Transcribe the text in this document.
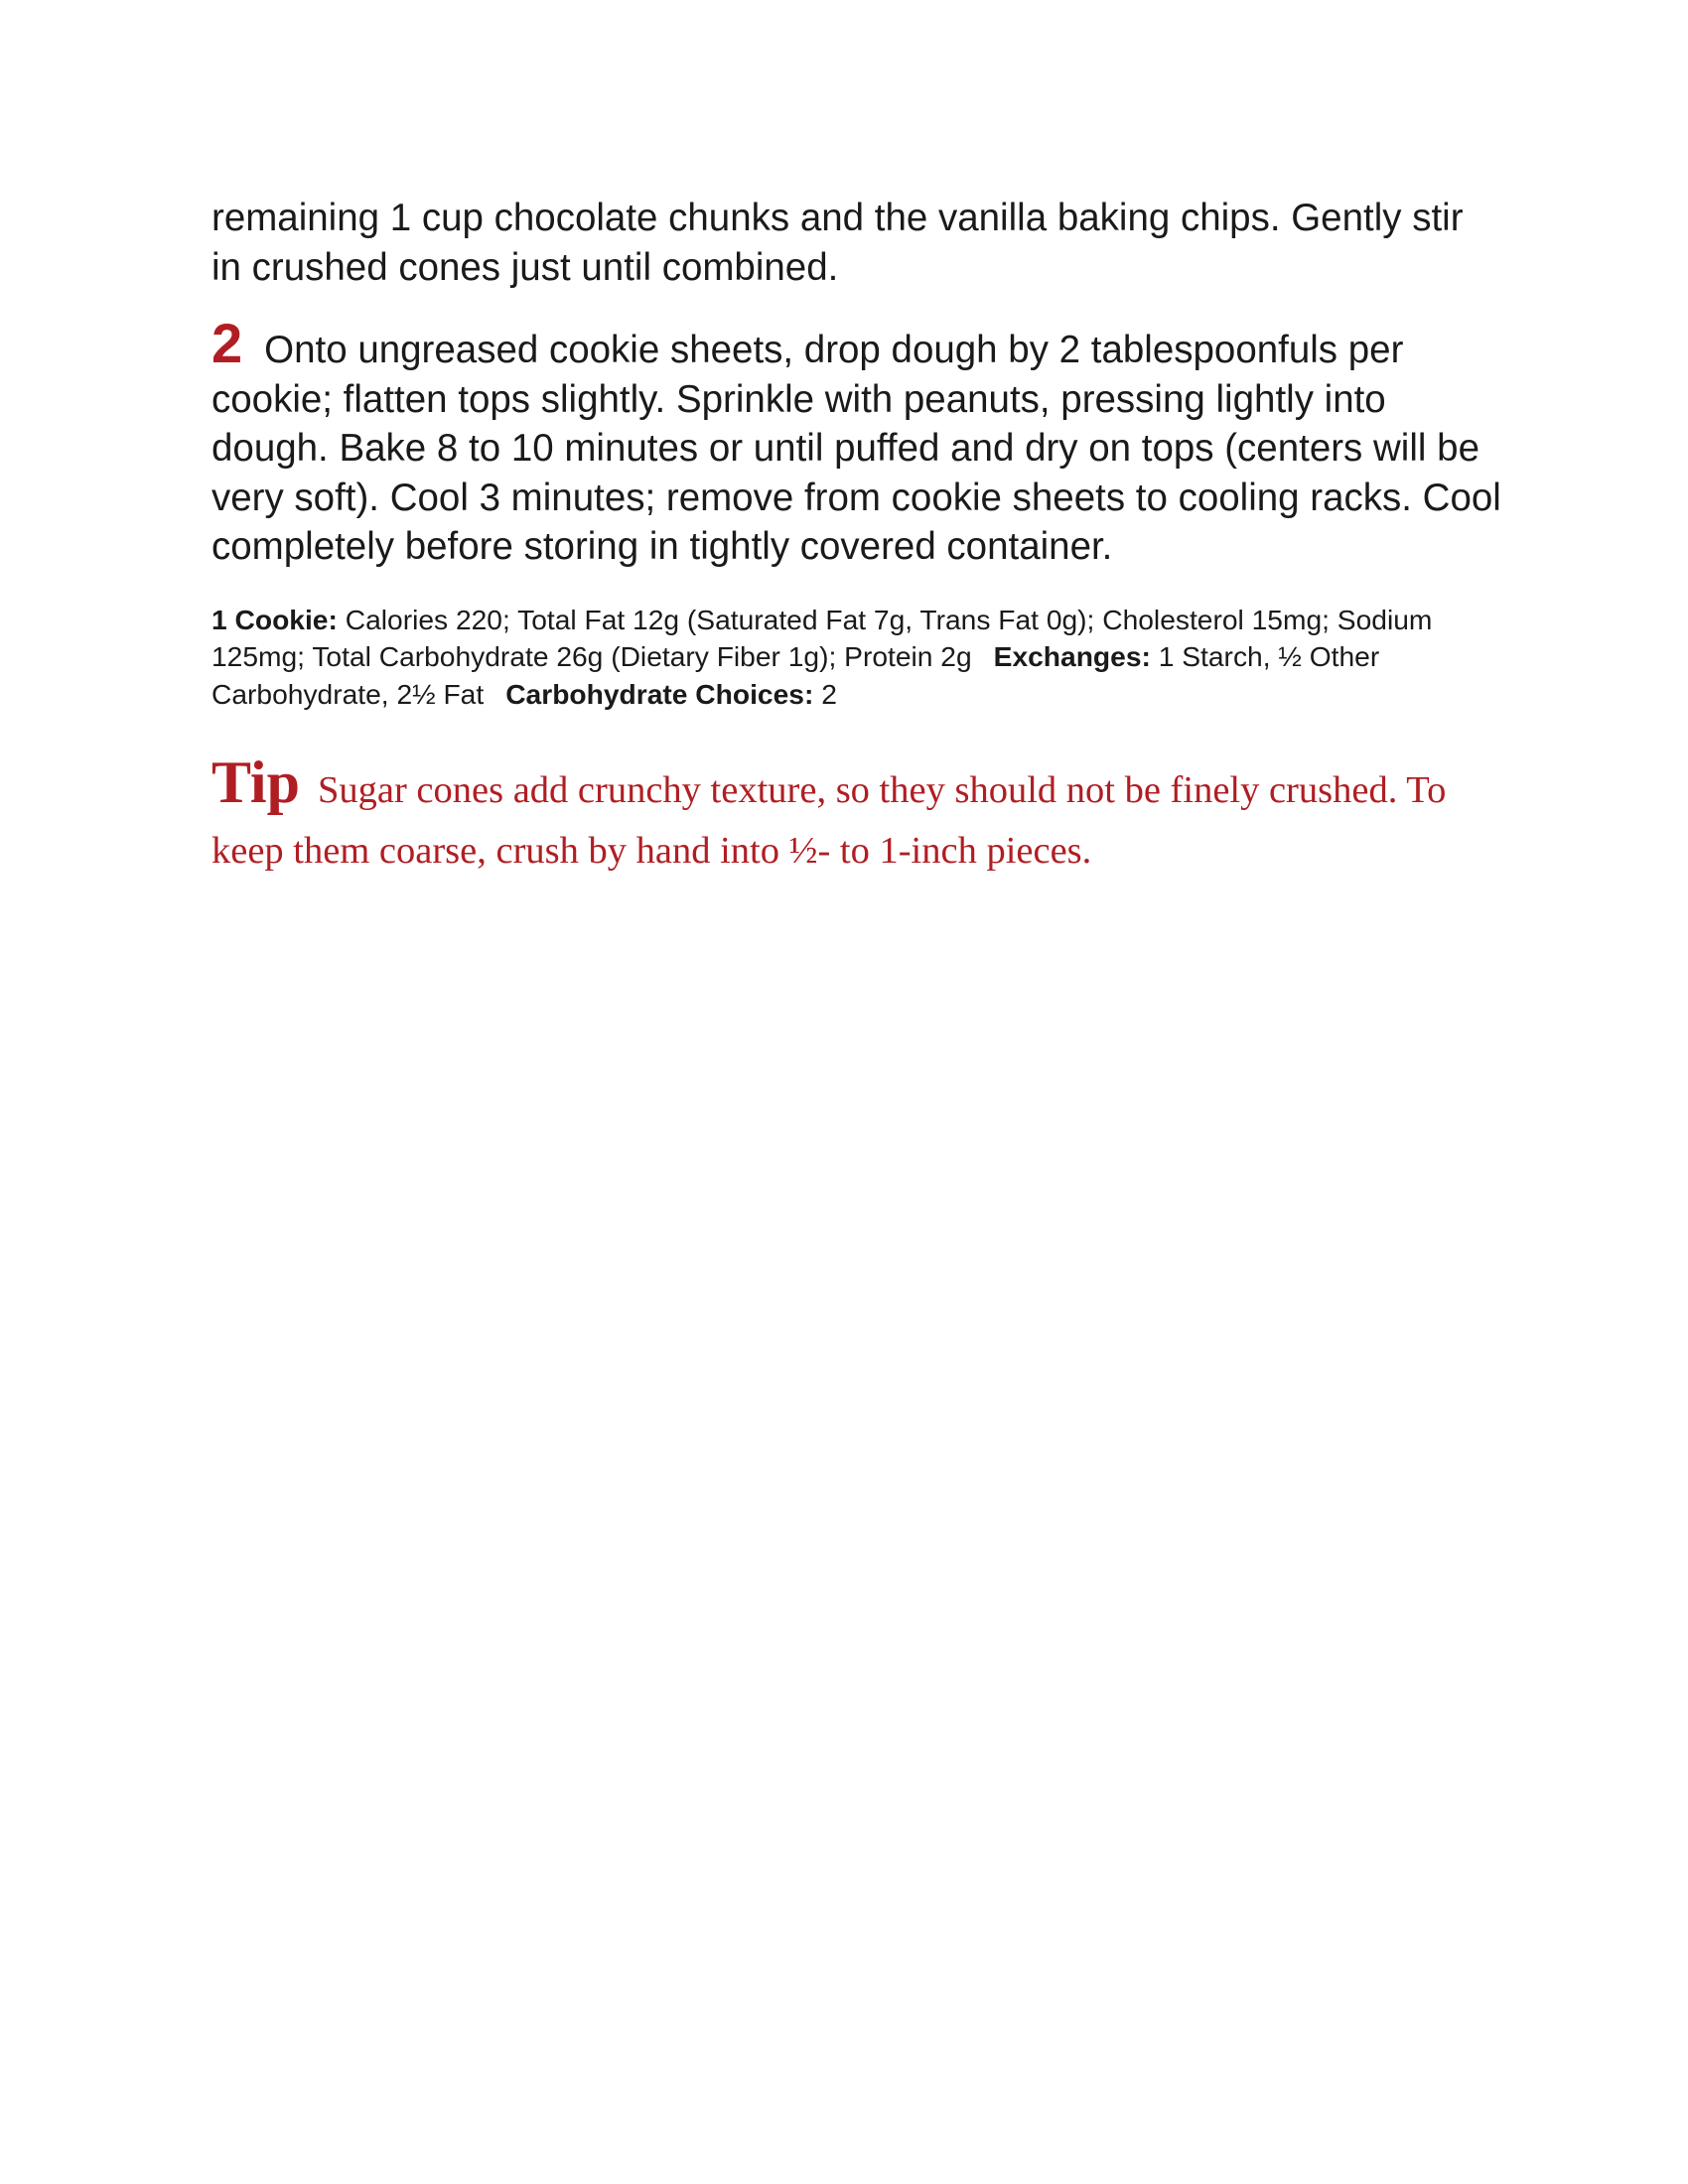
remaining 1 cup chocolate chunks and the vanilla baking chips. Gently stir in crushed cones just until combined.

2 Onto ungreased cookie sheets, drop dough by 2 tablespoonfuls per cookie; flatten tops slightly. Sprinkle with peanuts, pressing lightly into dough. Bake 8 to 10 minutes or until puffed and dry on tops (centers will be very soft). Cool 3 minutes; remove from cookie sheets to cooling racks. Cool completely before storing in tightly covered container.

1 Cookie: Calories 220; Total Fat 12g (Saturated Fat 7g, Trans Fat 0g); Cholesterol 15mg; Sodium 125mg; Total Carbohydrate 26g (Dietary Fiber 1g); Protein 2g Exchanges: 1 Starch, ½ Other Carbohydrate, 2½ Fat Carbohydrate Choices: 2

Tip Sugar cones add crunchy texture, so they should not be finely crushed. To keep them coarse, crush by hand into ½- to 1-inch pieces.
